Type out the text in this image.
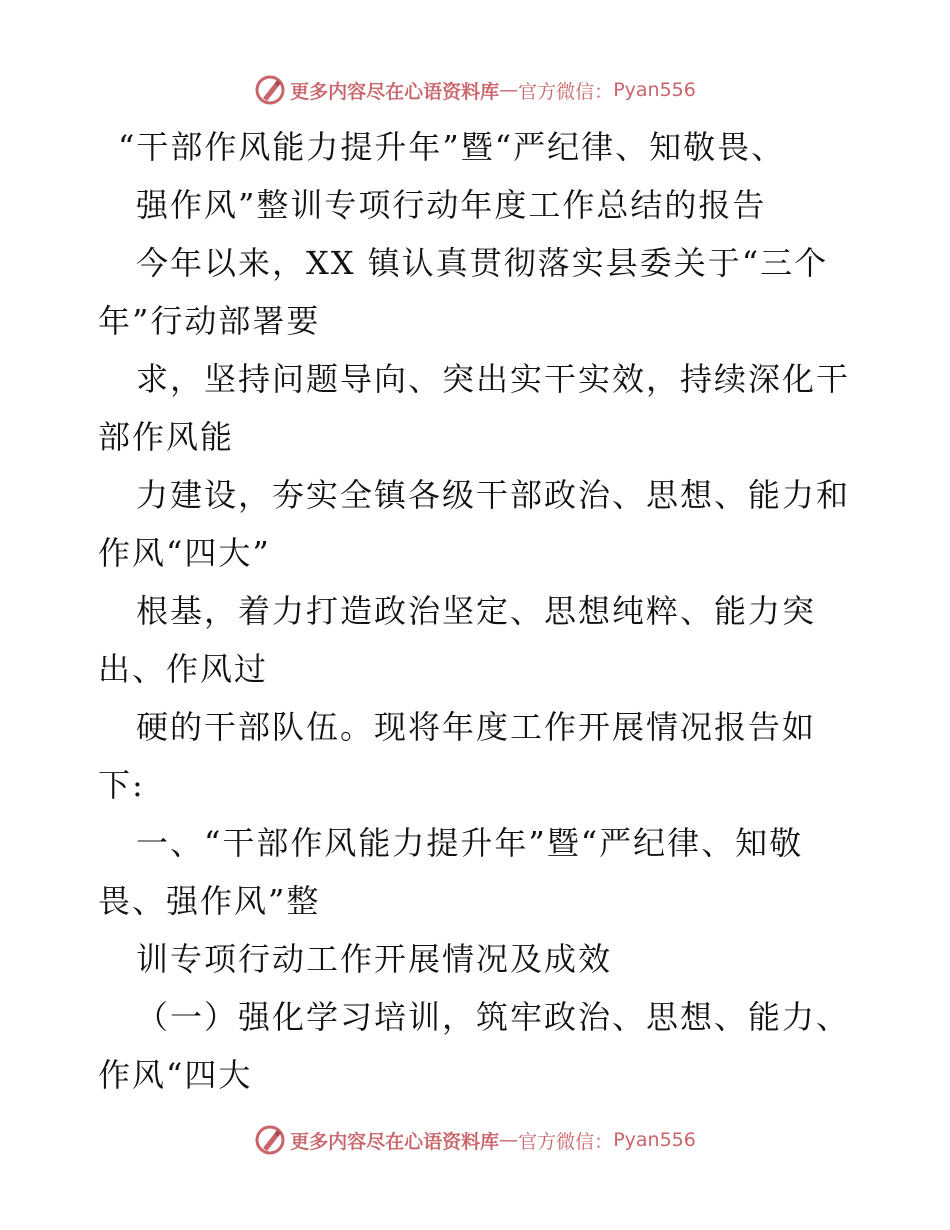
更多内容尽在心语资料库 — 官方微信： Pyan556
“干部作风能力提升年”暨“严纪律、知敬畏、
强作风”整训专项行动年度工作总结的报告
今年以来，XX 镇认真贯彻落实县委关于“三个
年”行动部署要
求，坚持问题导向、突出实干实效，持续深化干
部作风能
力建设，夯实全镇各级干部政治、思想、能力和
作风“四大”
根基，着力打造政治坚定、思想纯粹、能力突
出、作风过
硬的干部队伍。现将年度工作开展情况报告如
下:
一、“干部作风能力提升年”暨“严纪律、知敬
畏、强作风”整
训专项行动工作开展情况及成效
（一）强化学习培训，筑牢政治、思想、能力、
作风“四大
更多内容尽在心语资料库 — 官方微信： Pyan556
